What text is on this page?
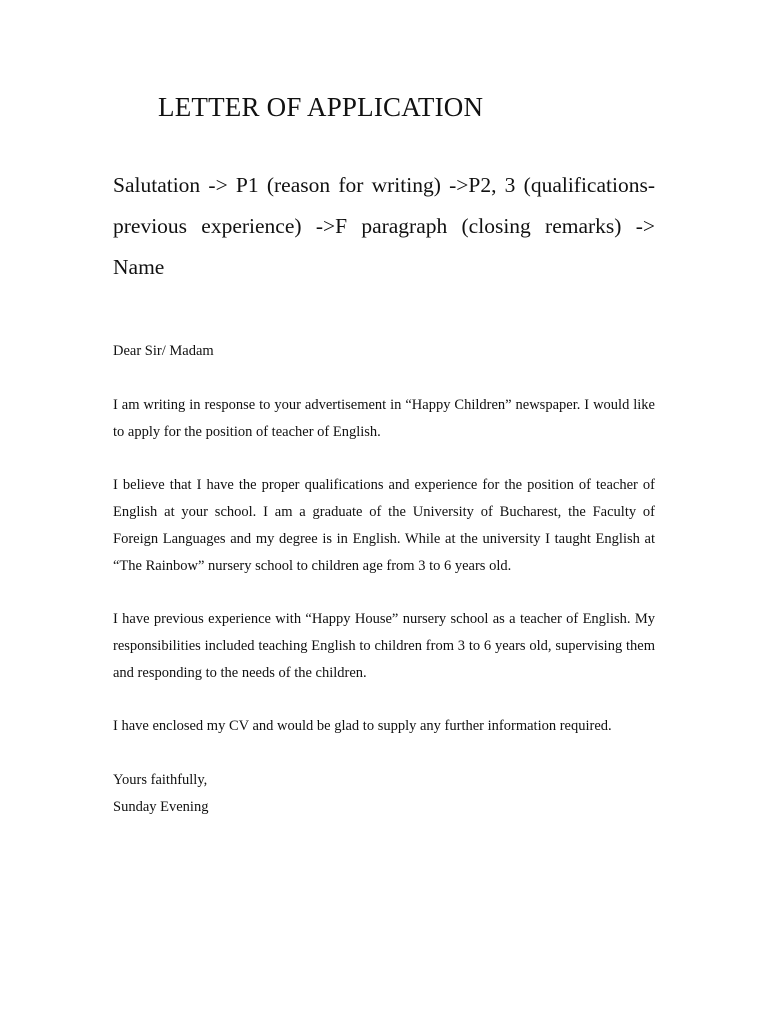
LETTER OF APPLICATION
Salutation -> P1 (reason for writing) ->P2, 3 (qualifications-previous experience) ->F paragraph (closing remarks) -> Name
Dear Sir/ Madam
I am writing in response to your advertisement in “Happy Children” newspaper. I would like to apply for the position of teacher of English.
I believe that I have the proper qualifications and experience for the position of teacher of English at your school. I am a graduate of the University of Bucharest, the Faculty of Foreign Languages and my degree is in English. While at the university I taught English at “The Rainbow” nursery school to children age from 3 to 6 years old.
I have previous experience with “Happy House” nursery school as a teacher of English. My responsibilities included teaching English to children from 3 to 6 years old, supervising them and responding to the needs of the children.
I have enclosed my CV and would be glad to supply any further information required.
Yours faithfully,
Sunday Evening
